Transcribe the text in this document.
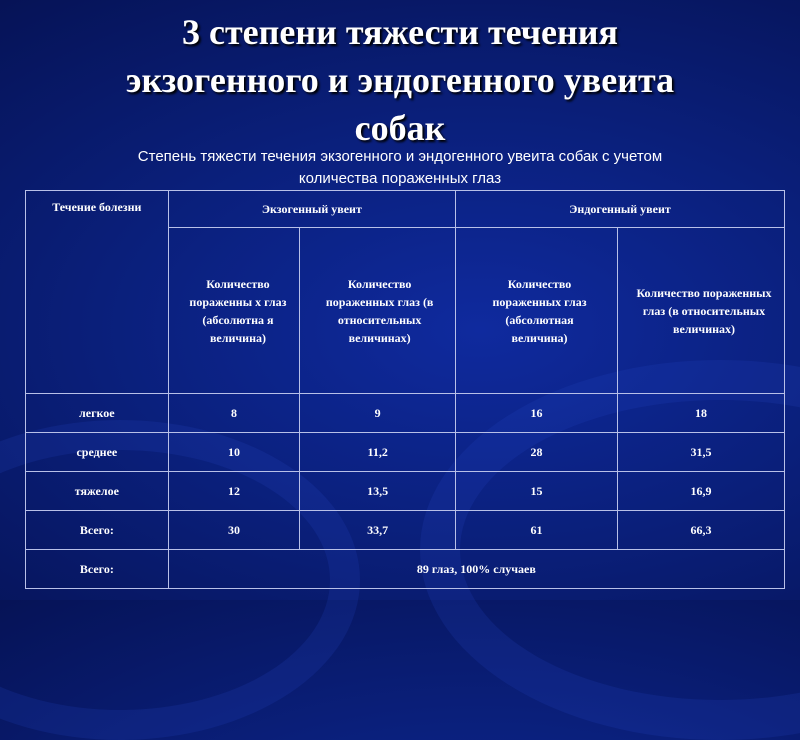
3 степени тяжести течения
экзогенного и эндогенного увеита
собак
Степень тяжести течения экзогенного и эндогенного увеита собак с учетом
количества пораженных глаз
Течение болезни	Экзогенный увеит		Эндогенный увеит	
	Количество пораженны х глаз (абсолютна я величина)	Количество пораженных глаз (в относительных величинах)	Количество пораженных глаз (абсолютная величина)	Количество пораженных глаз (в относительных величинах)
легкое	8	9	16	18
среднее	10	11,2	28	31,5
тяжелое	12	13,5	15	16,9
Всего:	30	33,7	61	66,3
Всего:	89 глаз, 100% случаев			
